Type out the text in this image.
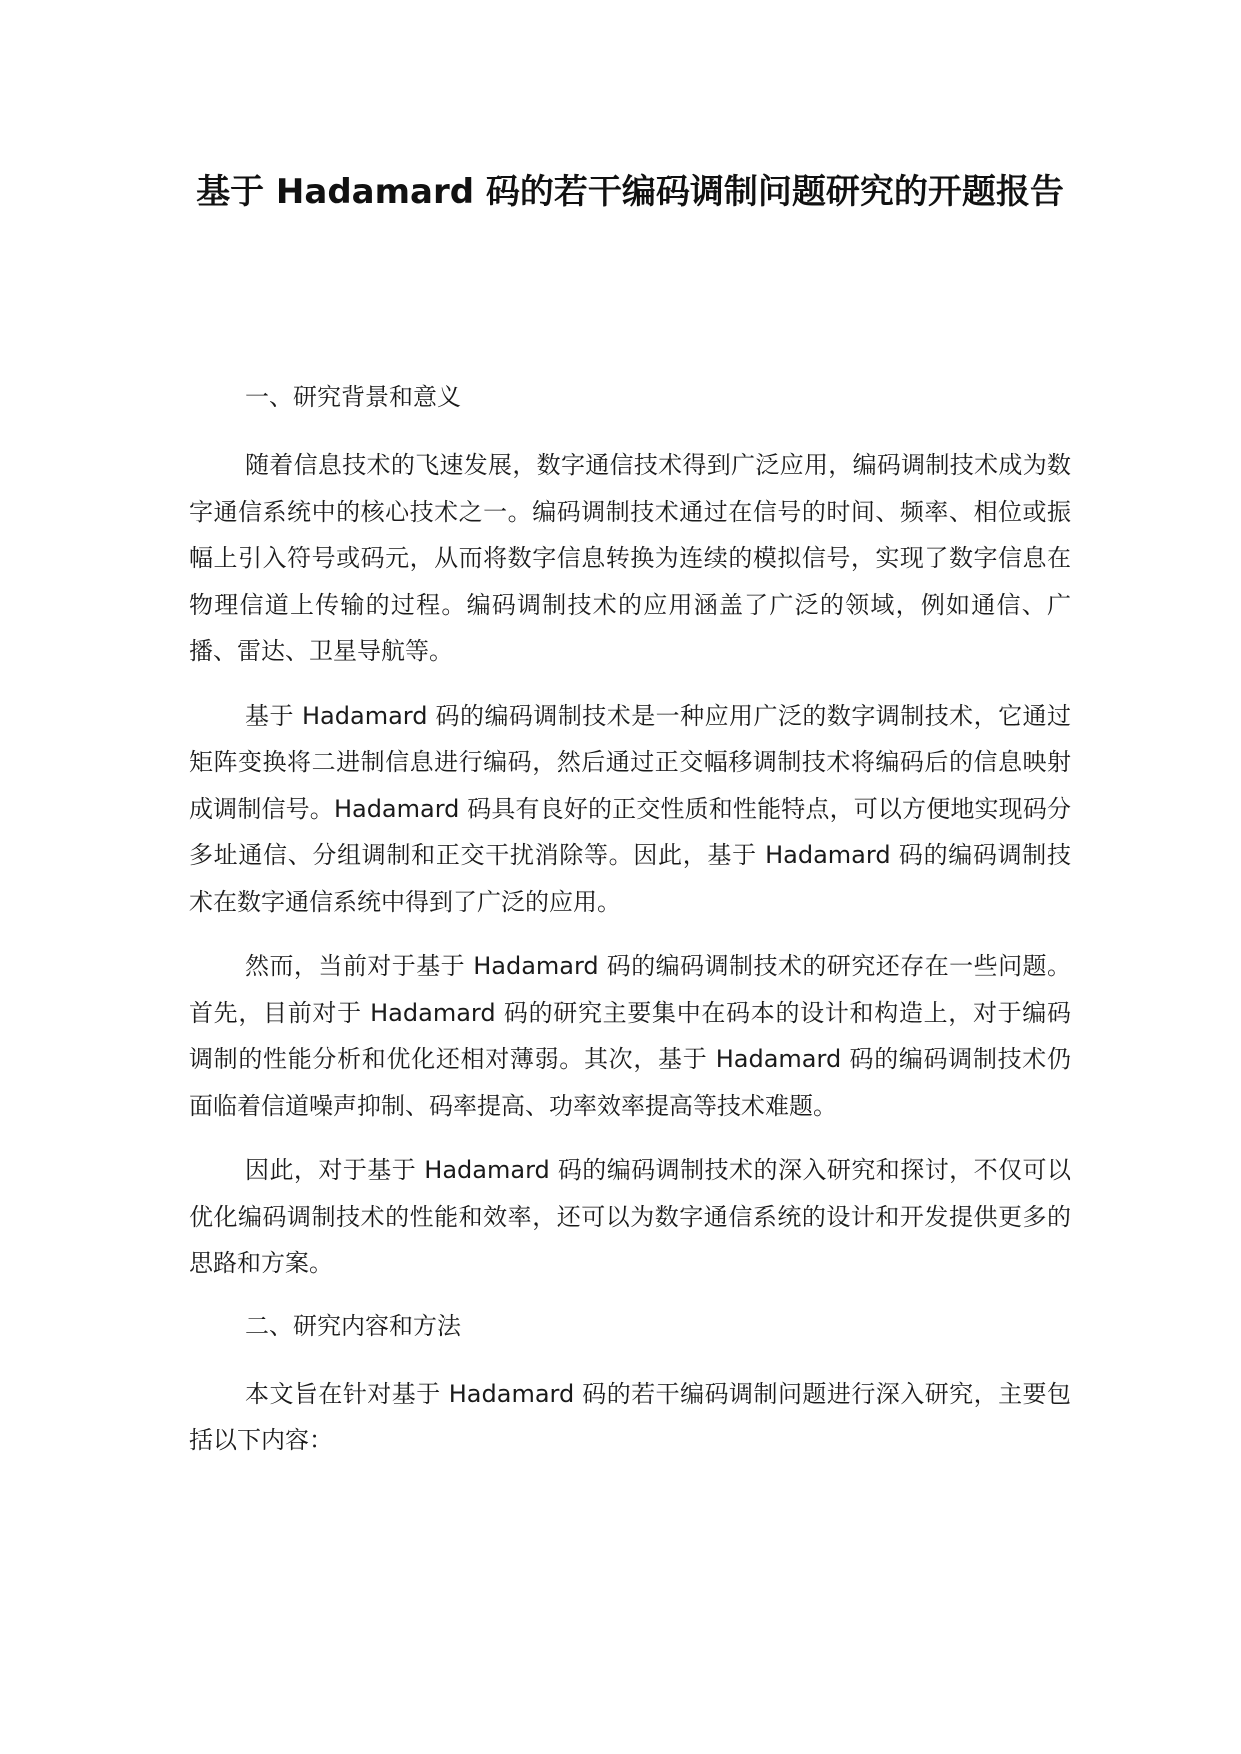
基于 Hadamard 码的若干编码调制问题研究的开题报告
一、研究背景和意义

随着信息技术的飞速发展，数字通信技术得到广泛应用，编码调制技术成为数字通信系统中的核心技术之一。编码调制技术通过在信号的时间、频率、相位或振幅上引入符号或码元，从而将数字信息转换为连续的模拟信号，实现了数字信息在物理信道上传输的过程。编码调制技术的应用涵盖了广泛的领域，例如通信、广播、雷达、卫星导航等。

基于 Hadamard 码的编码调制技术是一种应用广泛的数字调制技术，它通过矩阵变换将二进制信息进行编码，然后通过正交幅移调制技术将编码后的信息映射成调制信号。Hadamard 码具有良好的正交性质和性能特点，可以方便地实现码分多址通信、分组调制和正交干扰消除等。因此，基于 Hadamard 码的编码调制技术在数字通信系统中得到了广泛的应用。

然而，当前对于基于 Hadamard 码的编码调制技术的研究还存在一些问题。首先，目前对于 Hadamard 码的研究主要集中在码本的设计和构造上，对于编码调制的性能分析和优化还相对薄弱。其次，基于 Hadamard 码的编码调制技术仍面临着信道噪声抑制、码率提高、功率效率提高等技术难题。

因此，对于基于 Hadamard 码的编码调制技术的深入研究和探讨，不仅可以优化编码调制技术的性能和效率，还可以为数字通信系统的设计和开发提供更多的思路和方案。

二、研究内容和方法

本文旨在针对基于 Hadamard 码的若干编码调制问题进行深入研究，主要包括以下内容：
